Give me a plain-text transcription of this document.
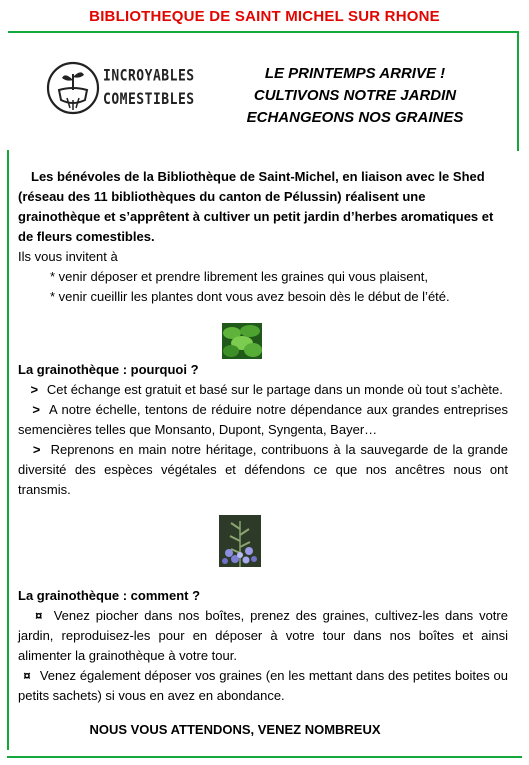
BIBLIOTHEQUE DE SAINT MICHEL SUR RHONE
INCROYABLES
COMESTIBLES
LE PRINTEMPS ARRIVE !
CULTIVONS NOTRE JARDIN
ECHANGEONS NOS GRAINES
Les bénévoles de la Bibliothèque de Saint-Michel, en liaison avec le Shed (réseau des 11 bibliothèques du canton de Pélussin) réalisent une grainothèque et s’apprêtent à cultiver un petit jardin d’herbes aromatiques et de fleurs comestibles.
Ils vous invitent à
* venir déposer et prendre librement les graines qui vous plaisent,
* venir cueillir les plantes dont vous avez besoin dès le début de l’été.
La grainothèque : pourquoi ?
> Cet échange est gratuit et basé sur le partage dans un monde où tout s’achète.
> A notre échelle, tentons de réduire notre dépendance aux grandes entreprises semencières telles que Monsanto, Dupont, Syngenta, Bayer…
> Reprenons en main notre héritage, contribuons à la sauvegarde de la grande diversité des espèces végétales et défendons ce que nos ancêtres nous ont transmis.
La grainothèque : comment ?
¤ Venez piocher dans nos boîtes, prenez des graines, cultivez-les dans votre jardin, reproduisez-les pour en déposer à votre tour dans nos boîtes et ainsi alimenter la grainothèque à votre tour.
¤ Venez également déposer vos graines (en les mettant dans des petites boites ou petits sachets) si vous en avez en abondance.
NOUS VOUS ATTENDONS, VENEZ NOMBREUX
